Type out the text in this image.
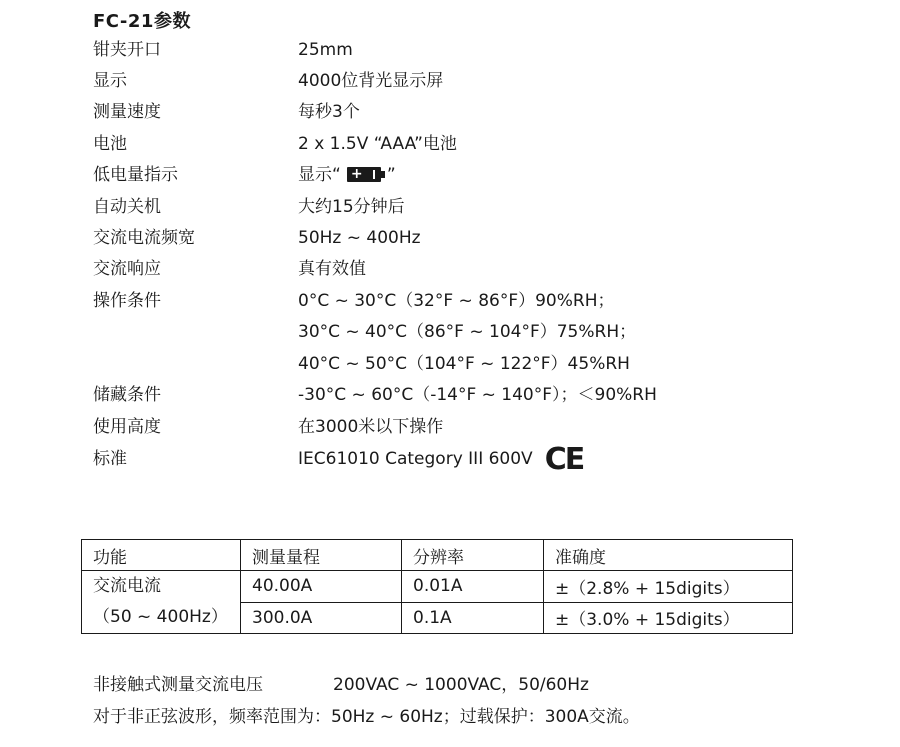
FC-21参数
钳夹开口	25mm
显示	4000位背光显示屏
测量速度	每秒3个
电池	2 x 1.5V “AAA”电池
低电量指示	显示“ + ”
自动关机	大约15分钟后
交流电流频宽	50Hz ~ 400Hz
交流响应	真有效值
操作条件	0°C ~ 30°C（32°F ~ 86°F）90%RH；
30°C ~ 40°C（86°F ~ 104°F）75%RH；
40°C ~ 50°C（104°F ~ 122°F）45%RH
储藏条件	-30°C ~ 60°C（-14°F ~ 140°F）；＜90%RH
使用高度	在3000米以下操作
标准	IEC61010 Category III 600V CE
功能	测量量程	分辨率	准确度

交流电流
（50 ~ 400Hz）	40.00A	0.01A	±（2.8% + 15digits）
	300.0A	0.1A	±（3.0% + 15digits）
非接触式测量交流电压	200VAC ~ 1000VAC，50/60Hz
对于非正弦波形，频率范围为：50Hz ~ 60Hz；过载保护：300A交流。
